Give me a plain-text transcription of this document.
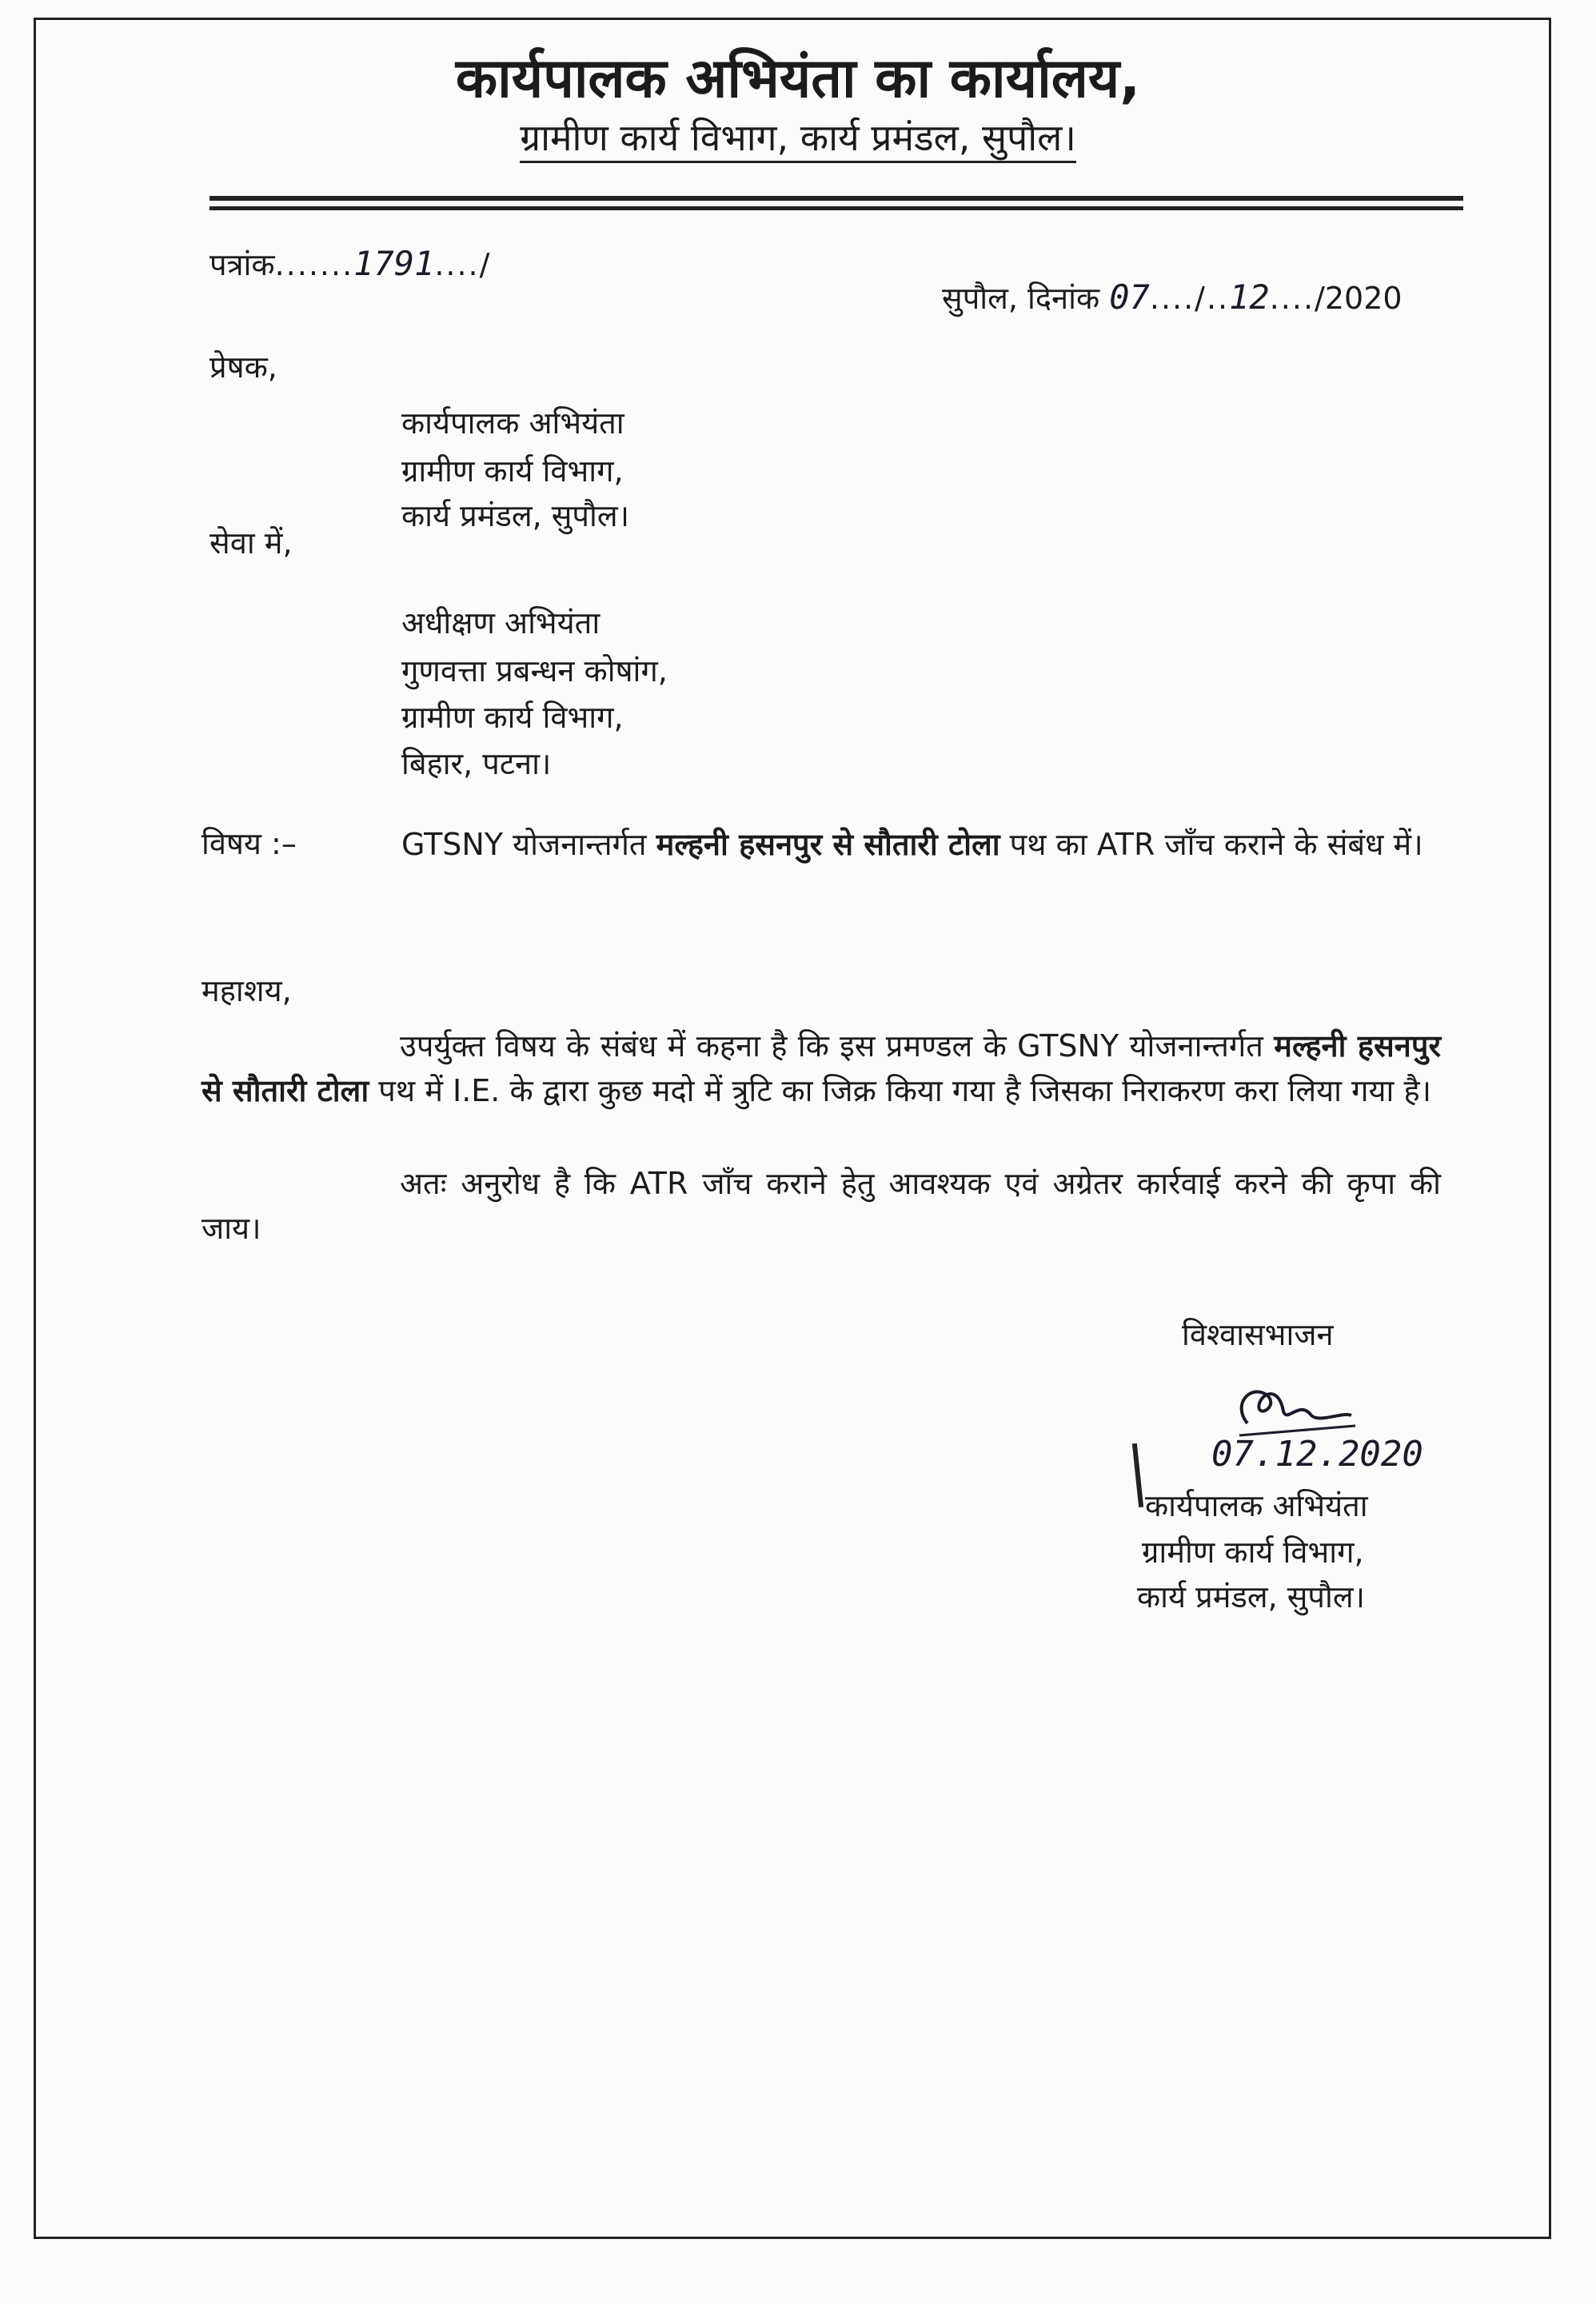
कार्यपालक अभियंता का कार्यालय,
ग्रामीण कार्य विभाग, कार्य प्रमंडल, सुपौल।
पत्रांक.......1791..../
सुपौल, दिनांक 07..../..12..../2020
प्रेषक,
कार्यपालक अभियंता
ग्रामीण कार्य विभाग,
कार्य प्रमंडल, सुपौल।
सेवा में,
अधीक्षण अभियंता
गुणवत्ता प्रबन्धन कोषांग,
ग्रामीण कार्य विभाग,
बिहार, पटना।
विषय :–	GTSNY योजनान्तर्गत मल्हनी हसनपुर से सौतारी टोला पथ का ATR जाँच कराने के संबंध में।
महाशय,
उपर्युक्त विषय के संबंध में कहना है कि इस प्रमण्डल के GTSNY योजनान्तर्गत मल्हनी हसनपुर से सौतारी टोला पथ में I.E. के द्वारा कुछ मदो में त्रुटि का जिक्र किया गया है जिसका निराकरण करा लिया गया है।
अतः अनुरोध है कि ATR जाँच कराने हेतु आवश्यक एवं अग्रेतर कार्रवाई करने की कृपा की जाय।
विश्वासभाजन
07.12.2020
कार्यपालक अभियंता
ग्रामीण कार्य विभाग,
कार्य प्रमंडल, सुपौल।
